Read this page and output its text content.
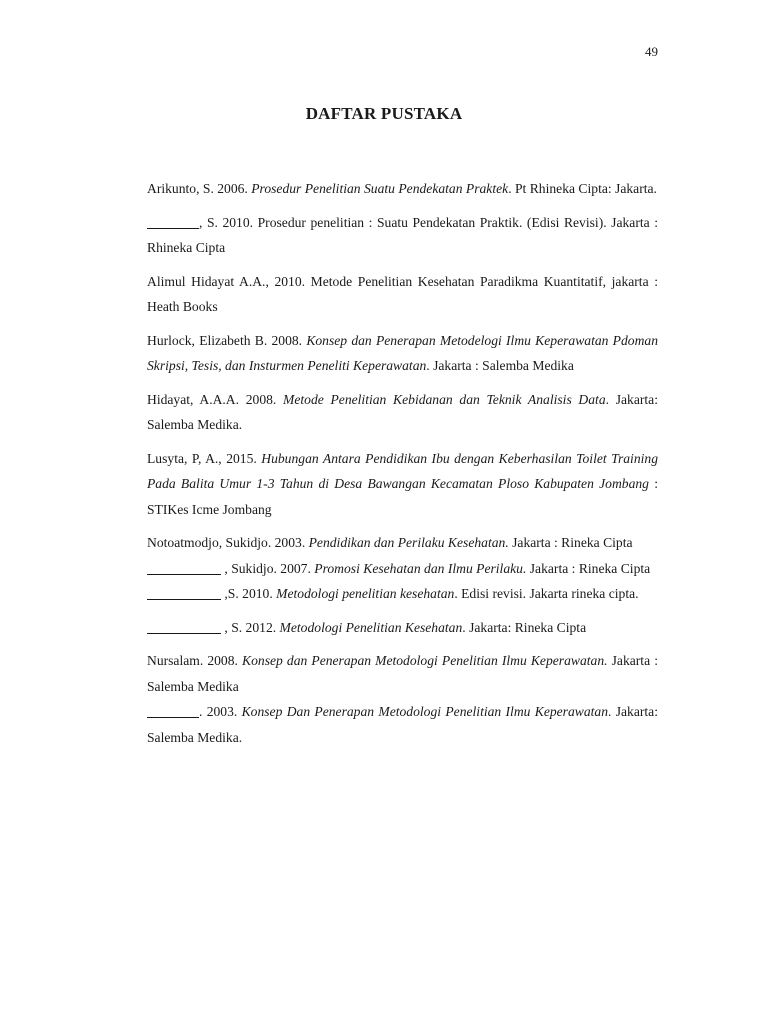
49
DAFTAR PUSTAKA

Arikunto, S. 2006. Prosedur Penelitian Suatu Pendekatan Praktek. Pt Rhineka Cipta: Jakarta.

, S. 2010. Prosedur penelitian : Suatu Pendekatan Praktik. (Edisi Revisi). Jakarta : Rhineka Cipta

Alimul Hidayat A.A., 2010. Metode Penelitian Kesehatan Paradikma Kuantitatif, jakarta : Heath Books

Hurlock, Elizabeth B. 2008. Konsep dan Penerapan Metodelogi Ilmu Keperawatan Pdoman Skripsi, Tesis, dan Insturmen Peneliti Keperawatan. Jakarta : Salemba Medika

Hidayat, A.A.A. 2008. Metode Penelitian Kebidanan dan Teknik Analisis Data. Jakarta: Salemba Medika.

Lusyta, P, A., 2015. Hubungan Antara Pendidikan Ibu dengan Keberhasilan Toilet Training Pada Balita Umur 1-3 Tahun di Desa Bawangan Kecamatan Ploso Kabupaten Jombang : STIKes Icme Jombang

Notoatmodjo, Sukidjo. 2003. Pendidikan dan Perilaku Kesehatan. Jakarta : Rineka Cipta

, Sukidjo. 2007. Promosi Kesehatan dan Ilmu Perilaku. Jakarta : Rineka Cipta

,S. 2010. Metodologi penelitian kesehatan. Edisi revisi. Jakarta rineka cipta.

, S. 2012. Metodologi Penelitian Kesehatan. Jakarta: Rineka Cipta

Nursalam. 2008. Konsep dan Penerapan Metodologi Penelitian Ilmu Keperawatan. Jakarta : Salemba Medika

. 2003. Konsep Dan Penerapan Metodologi Penelitian Ilmu Keperawatan. Jakarta: Salemba Medika.
